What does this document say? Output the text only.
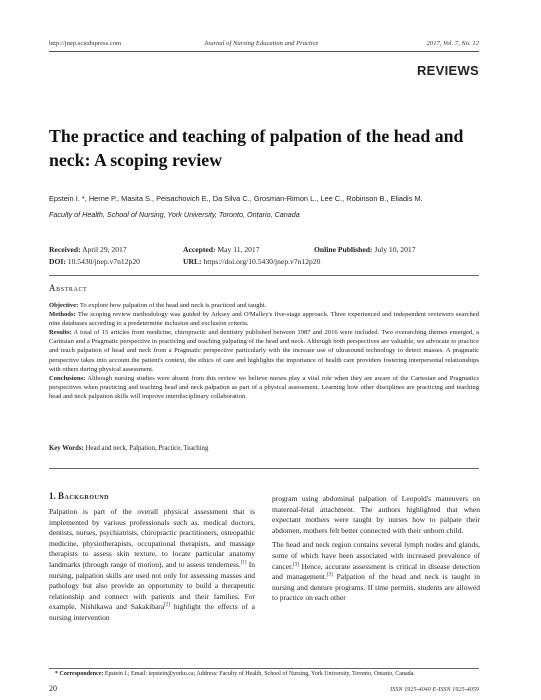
http://jnep.sciedupress.com	Journal of Nursing Education and Practice	2017, Vol. 7, No. 12
REVIEWS
The practice and teaching of palpation of the head and neck: A scoping review
Epstein I. *, Herne P., Masita S., Peisachovich E., Da Silva C., Grosman-Rimon L., Lee C., Robinson B., Eliadis M.
Faculty of Health, School of Nursing, York University, Toronto, Ontario, Canada
Received: April 29, 2017	Accepted: May 11, 2017	Online Published: July 10, 2017
DOI: 10.5430/jnep.v7n12p20	URL: https://doi.org/10.5430/jnep.v7n12p20
Abstract

Objective: To explore how palpation of the head and neck is practiced and taught.

Methods: The scoping review methodology was guided by Arksey and O'Malley's five-stage approach. Three experienced and independent reviewers searched nine databases according to a predetermine inclusion and exclusion criteria.

Results: A total of 15 articles from medicine, chiropractic and dentistry published between 1987 and 2016 were included. Two overarching themes emerged, a Cartesian and a Pragmatic perspective in practicing and teaching palpating of the head and neck. Although both perspectives are valuable, we advocate to practice and teach palpation of head and neck from a Pragmatic perspective particularly with the increase use of ultrasound technology to detect masses. A pragmatic perspective takes into account the patient's context, the ethics of care and highlights the importance of health care providers fostering interpersonal relationships with others during physical assessment.

Conclusions: Although nursing studies were absent from this review we believe nurses play a vital role when they are aware of the Cartesian and Pragmatics perspectives when practicing and teaching head and neck palpation as part of a physical assessment. Learning how other disciplines are practicing and teaching head and neck palpation skills will improve interdisciplinary collaboration.

Key Words: Head and neck, Palpation, Practice, Teaching
1. Background

Palpation is part of the overall physical assessment that is implemented by various professionals such as, medical doctors, dentists, nurses, psychiatrists, chiropractic practitioners, osteopathic medicine, physiotherapists, occupational therapists, and massage therapists to assess skin texture, to locate particular anatomy landmarks (through range of motion), and to assess tenderness.[1] In nursing, palpation skills are used not only for assessing masses and pathology but also provide an opportunity to build a therapeutic relationship and connect with patients and their families. For example, Nishikawa and Sakakibara[2] highlight the effects of a nursing intervention

program using abdominal palpation of Leopold's maneuvers on maternal-fetal attachment. The authors highlighted that when expectant mothers were taught by nurses how to palpate their abdomen, mothers felt better connected with their unborn child.

The head and neck region contains several lymph nodes and glands, some of which have been associated with increased prevalence of cancer.[3] Hence, accurate assessment is critical in disease detection and management.[3] Palpation of the head and neck is taught in nursing and denture programs. If time permits, students are allowed to practice on each other

* Correspondence: Epstein I.; Email: iepstein@yorku.ca; Address: Faculty of Health, School of Nursing, York University, Toronto, Ontario, Canada.
20	ISSN 1925-4040 E-ISSN 1925-4059
